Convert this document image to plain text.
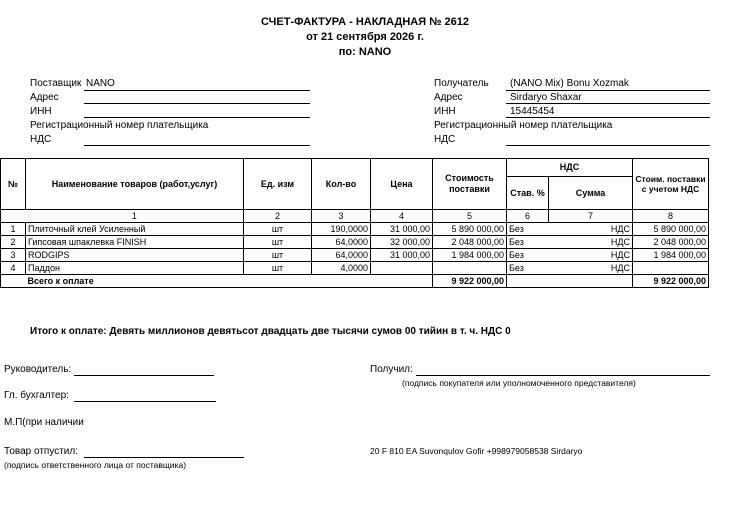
СЧЕТ-ФАКТУРА - НАКЛАДНАЯ № 2612
от 21 сентября 2026 г.
по: NANO
Поставщик NANO
Адрес
ИНН
Регистрационный номер плательщика
НДС
Получатель (NANO Mix) Bonu Xozmak
Адрес	Sirdaryo Shaxar
ИНН	15445454
Регистрационный номер плательщика
НДС
№	Наименование товаров (работ,услуг)	Ед. изм	Кол-во	Цена	Стоимость поставки	НДС		Стоим. поставки с учетом НДС
						Став. %	Сумма	
	1	2	3	4	5	6	7	8
1	Плиточный клей Усиленный	шт	190,0000	31 000,00	5 890 000,00	Без	НДС	5 890 000,00
2	Гипсовая шпаклевка FINISH	шт	64,0000	32 000,00	2 048 000,00	Без	НДС	2 048 000,00
3	RODGIPS	шт	64,0000	31 000,00	1 984 000,00	Без	НДС	1 984 000,00
4	Паддон	шт	4,0000			Без	НДС	
	Всего к оплате				9 922 000,00			9 922 000,00
Итого к оплате: Девять миллионов девятьсот двадцать две тысячи сумов 00 тийин в т. ч. НДС 0
Руководитель:
Гл. бухгалтер:
М.П(при наличии
Товар отпустил:
(подпись ответственного лица от поставщика)
Получил:
(подпись покупателя или уполномоченного представителя)
20 F 810 EA Suvonqulov Gofir +998979058538 Sirdaryo
